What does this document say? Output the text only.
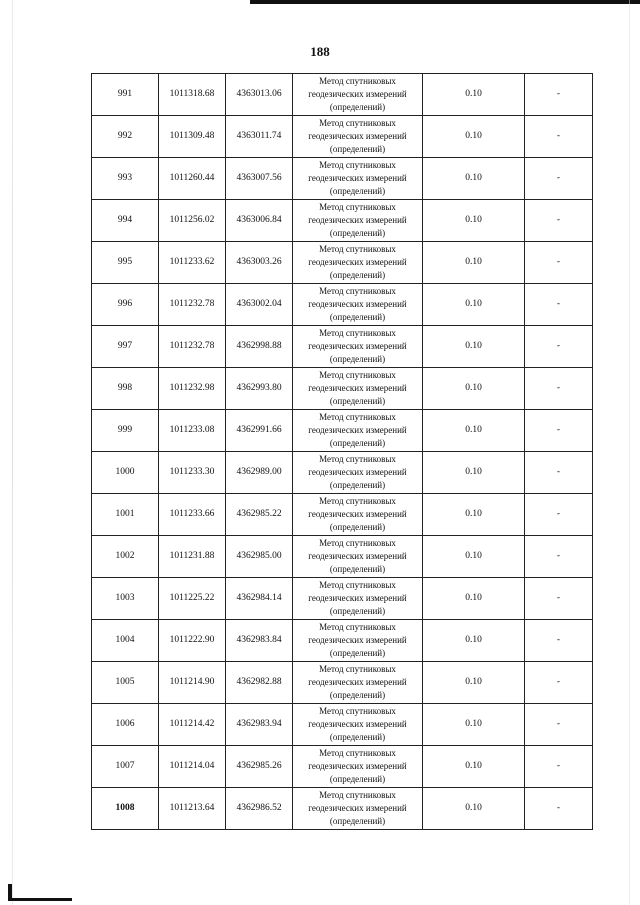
188
991	1011318.68	4363013.06	Метод спутниковых
геодезических измерений
(определений)	0.10	-
992	1011309.48	4363011.74	Метод спутниковых
геодезических измерений
(определений)	0.10	-
993	1011260.44	4363007.56	Метод спутниковых
геодезических измерений
(определений)	0.10	-
994	1011256.02	4363006.84	Метод спутниковых
геодезических измерений
(определений)	0.10	-
995	1011233.62	4363003.26	Метод спутниковых
геодезических измерений
(определений)	0.10	-
996	1011232.78	4363002.04	Метод спутниковых
геодезических измерений
(определений)	0.10	-
997	1011232.78	4362998.88	Метод спутниковых
геодезических измерений
(определений)	0.10	-
998	1011232.98	4362993.80	Метод спутниковых
геодезических измерений
(определений)	0.10	-
999	1011233.08	4362991.66	Метод спутниковых
геодезических измерений
(определений)	0.10	-
1000	1011233.30	4362989.00	Метод спутниковых
геодезических измерений
(определений)	0.10	-
1001	1011233.66	4362985.22	Метод спутниковых
геодезических измерений
(определений)	0.10	-
1002	1011231.88	4362985.00	Метод спутниковых
геодезических измерений
(определений)	0.10	-
1003	1011225.22	4362984.14	Метод спутниковых
геодезических измерений
(определений)	0.10	-
1004	1011222.90	4362983.84	Метод спутниковых
геодезических измерений
(определений)	0.10	-
1005	1011214.90	4362982.88	Метод спутниковых
геодезических измерений
(определений)	0.10	-
1006	1011214.42	4362983.94	Метод спутниковых
геодезических измерений
(определений)	0.10	-
1007	1011214.04	4362985.26	Метод спутниковых
геодезических измерений
(определений)	0.10	-
1008	1011213.64	4362986.52	Метод спутниковых
геодезических измерений
(определений)	0.10	-
